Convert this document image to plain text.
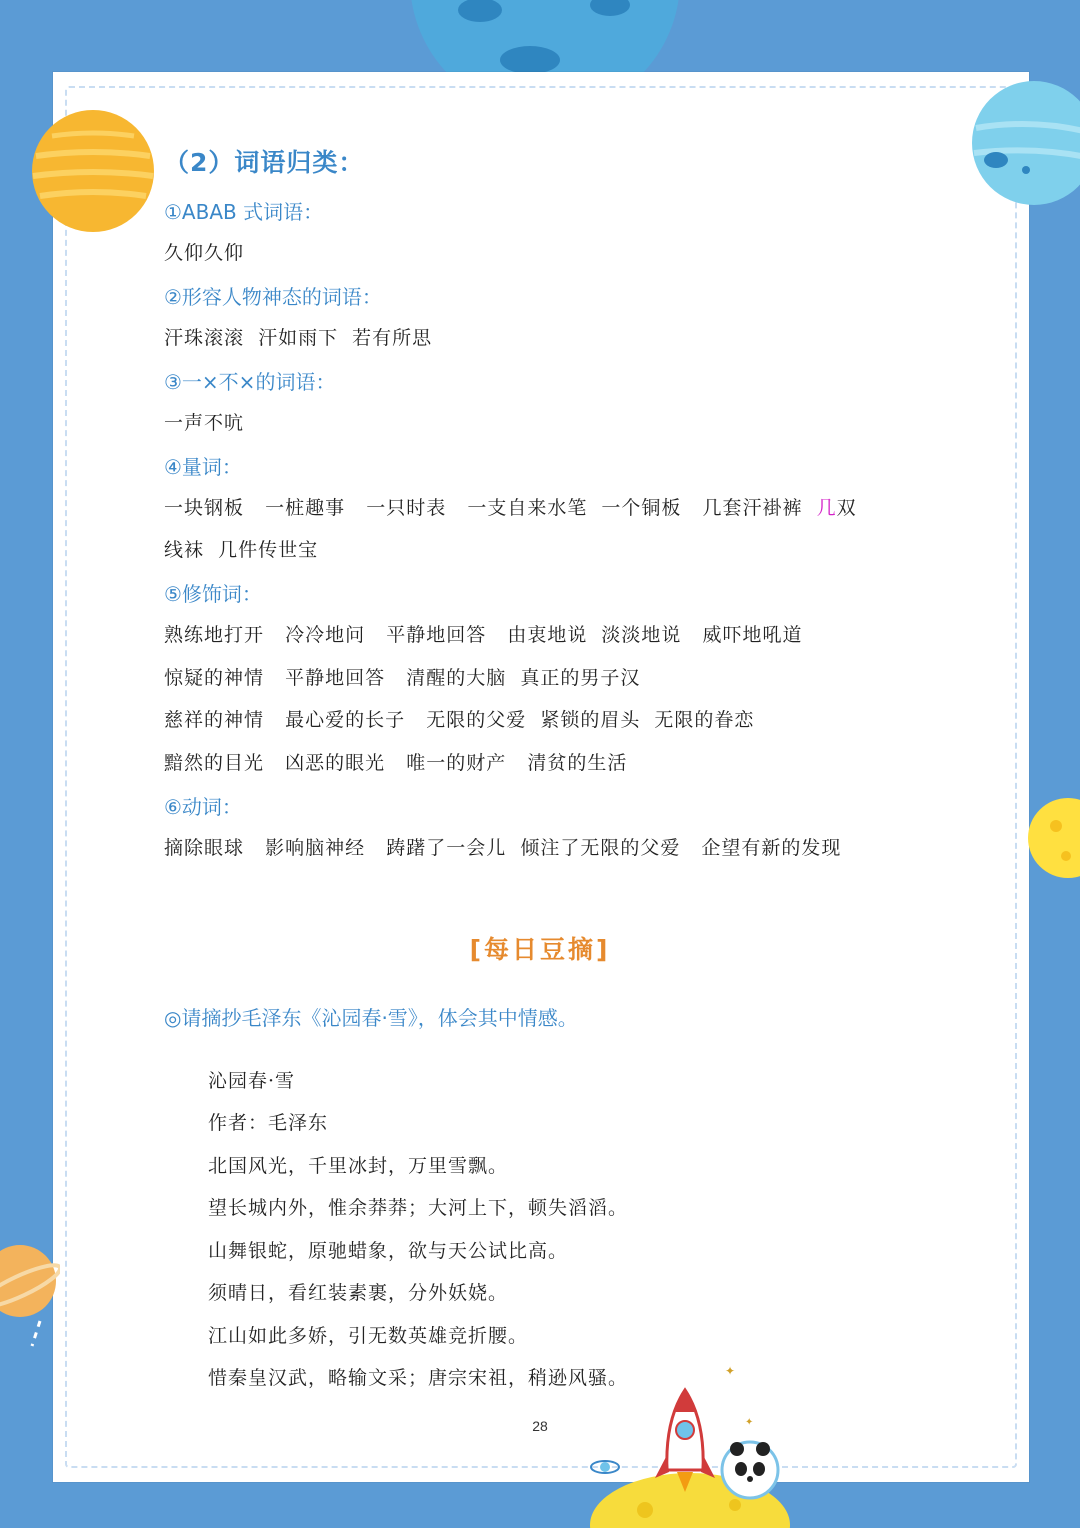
（2）词语归类：
①ABAB 式词语：
久仰久仰
②形容人物神态的词语：
汗珠滚滚  汗如雨下  若有所思
③一×不×的词语：
一声不吭
④量词：
一块钢板   一桩趣事   一只时表   一支自来水笔  一个铜板   几套汗褂裤  几双
线袜  几件传世宝
⑤修饰词：
熟练地打开   冷冷地问   平静地回答   由衷地说  淡淡地说   威吓地吼道
惊疑的神情   平静地回答   清醒的大脑  真正的男子汉
慈祥的神情   最心爱的长子   无限的父爱  紧锁的眉头  无限的眷恋
黯然的目光   凶恶的眼光   唯一的财产   清贫的生活
⑥动词：
摘除眼球   影响脑神经   踌躇了一会儿  倾注了无限的父爱   企望有新的发现
[每日豆摘]
◎请摘抄毛泽东《沁园春·雪》，体会其中情感。
沁园春·雪
作者：毛泽东
北国风光，千里冰封，万里雪飘。
望长城内外，惟余莽莽；大河上下，顿失滔滔。
山舞银蛇，原驰蜡象，欲与天公试比高。
须晴日，看红装素裹，分外妖娆。
江山如此多娇，引无数英雄竞折腰。
惜秦皇汉武，略输文采；唐宗宋祖，稍逊风骚。
28
✦
✦
